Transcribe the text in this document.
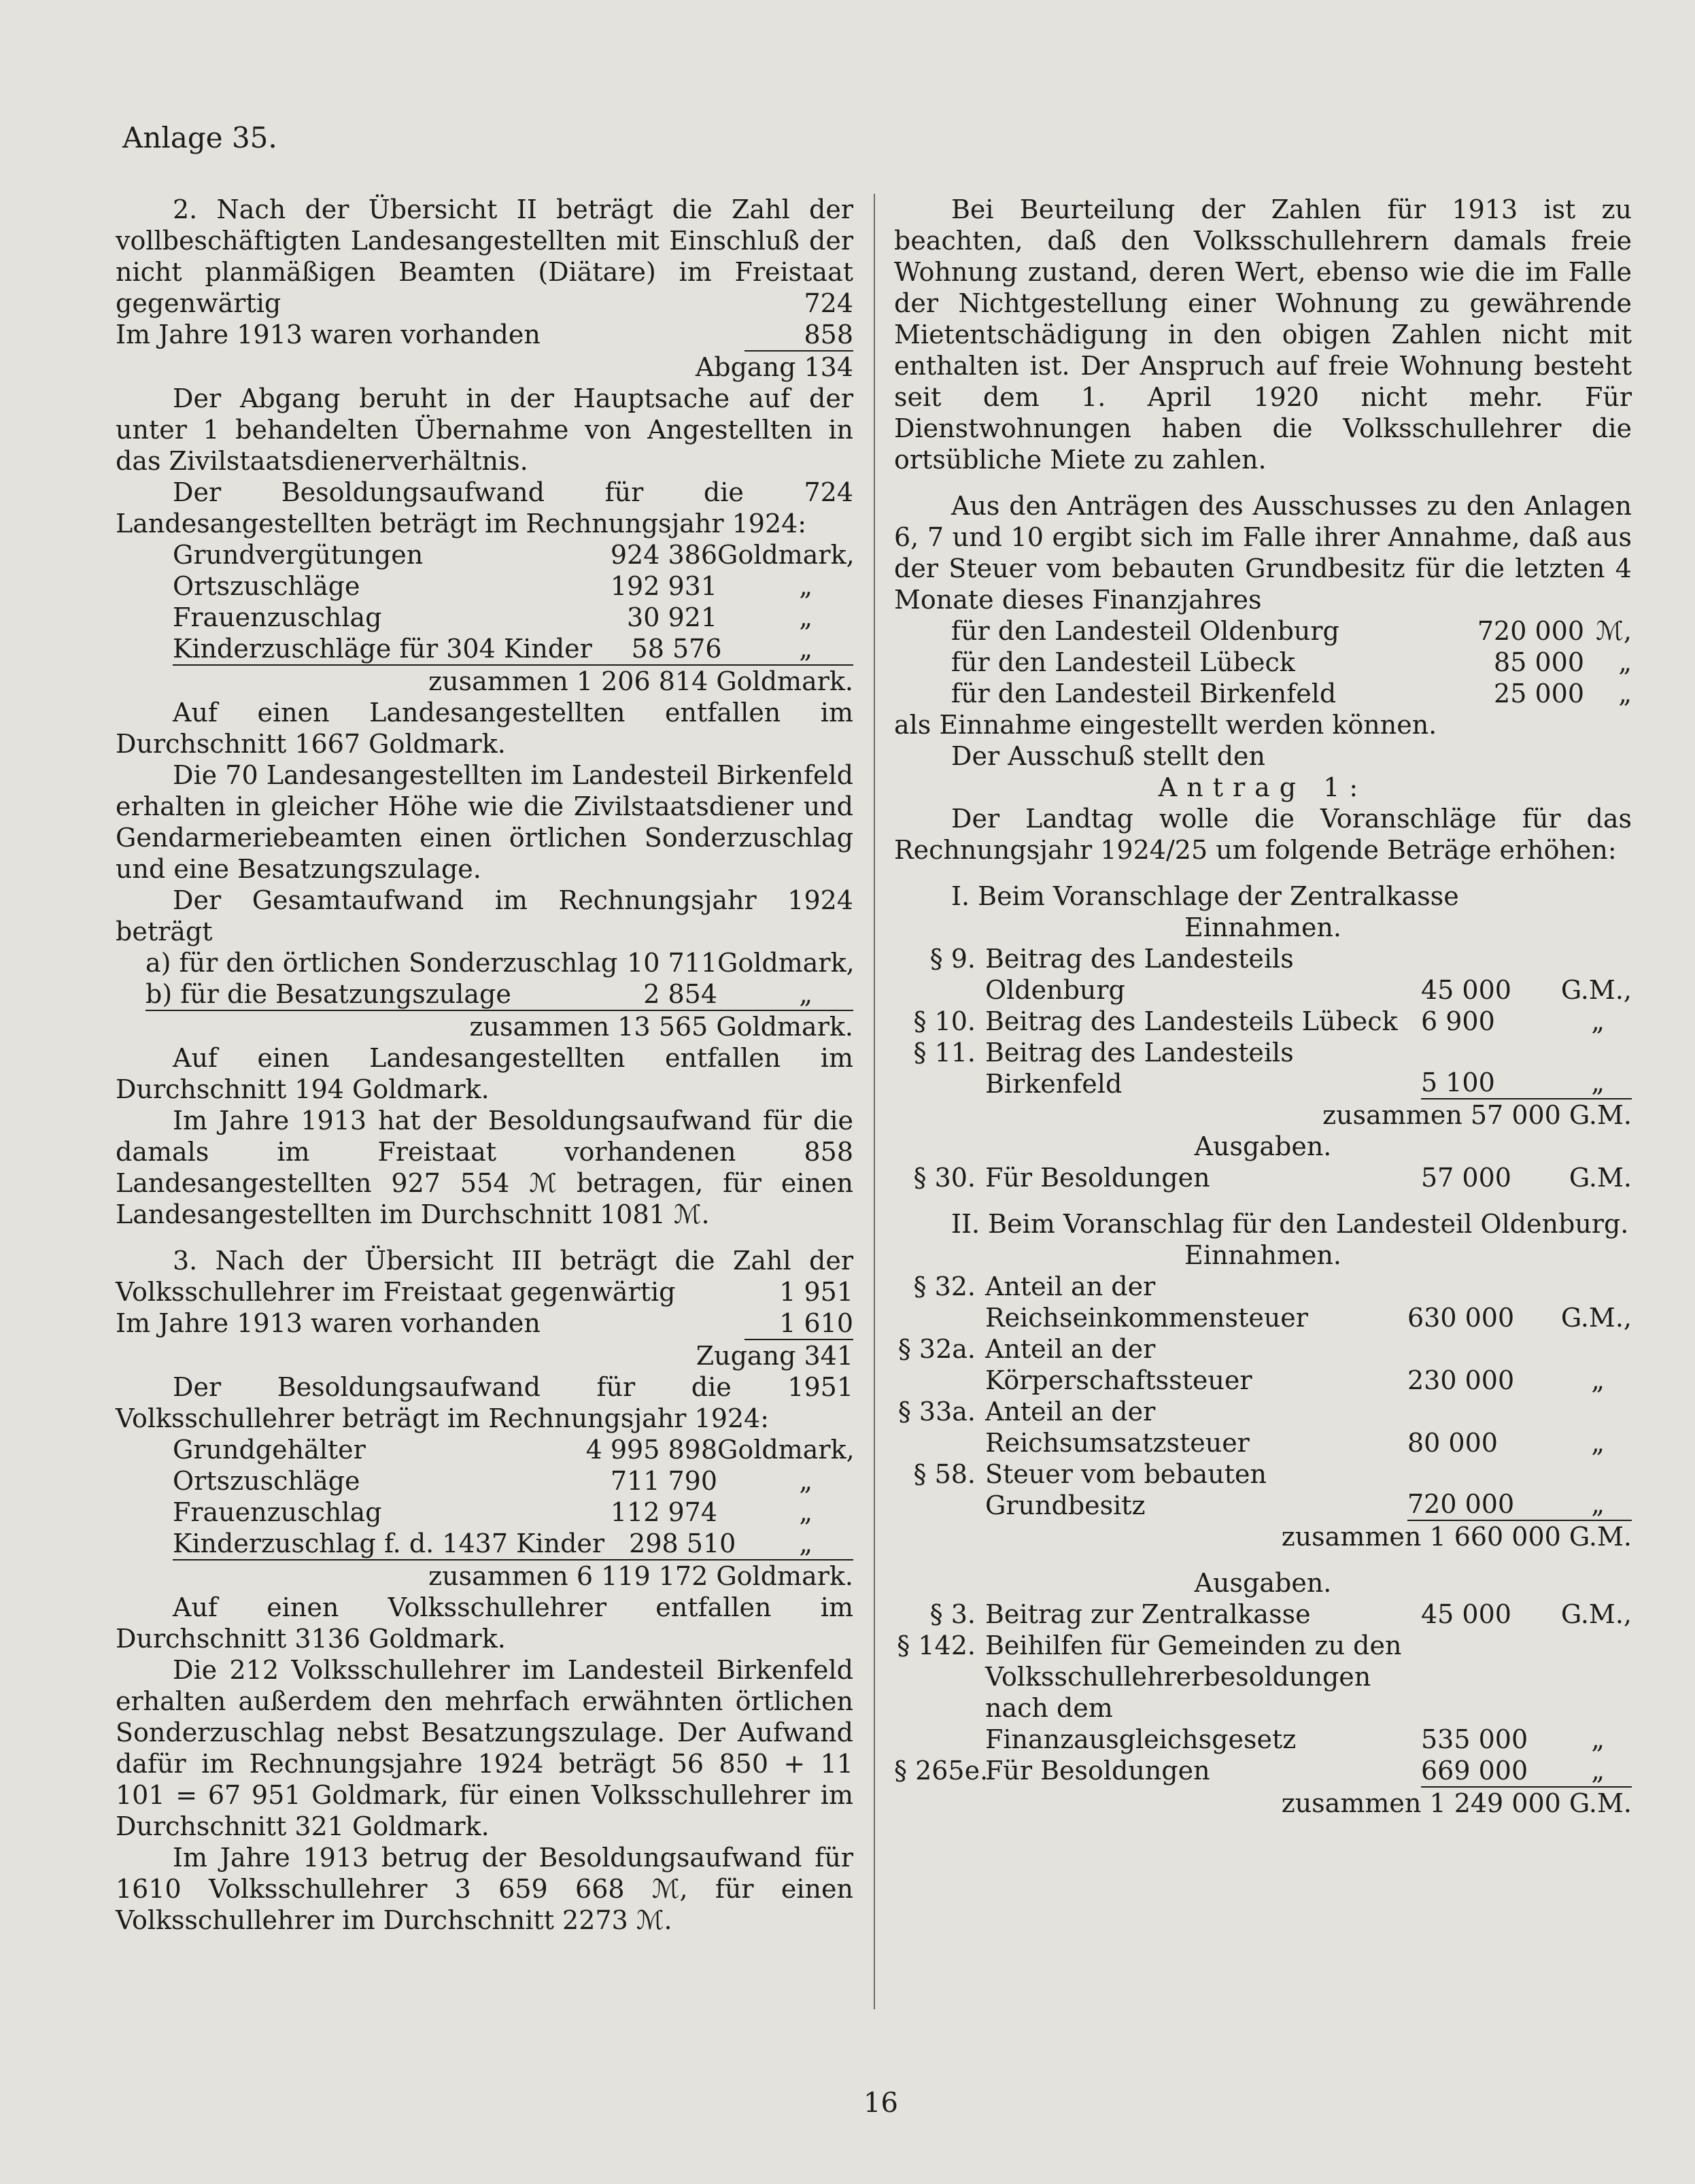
Anlage 35.

2. Nach der Übersicht II beträgt die Zahl der vollbeschäftigten Landesangestellten mit Einschluß der nicht planmäßigen Beamten (Diätare) im Freistaat gegenwärtig	724

Im Jahre 1913 waren vorhanden	858

Abgang 134

Der Abgang beruht in der Hauptsache auf der unter 1 behandelten Übernahme von Angestellten in das Zivilstaatsdienerverhältnis.

Der Besoldungsaufwand für die 724 Landesangestellten beträgt im Rechnungsjahr 1924:

Grundvergütungen	924 386 Goldmark,
Ortszuschläge	192 931	„
Frauenzuschlag	30 921	„
Kinderzuschläge für 304 Kinder	58 576	„

zusammen 1 206 814 Goldmark.

Auf einen Landesangestellten entfallen im Durchschnitt 1667 Goldmark.

Die 70 Landesangestellten im Landesteil Birkenfeld erhalten in gleicher Höhe wie die Zivilstaatsdiener und Gendarmeriebeamten einen örtlichen Sonderzuschlag und eine Besatzungszulage.

Der Gesamtaufwand im Rechnungsjahr 1924 beträgt

a) für den örtlichen Sonderzuschlag 10 711 Goldmark,
b) für die Besatzungszulage	2 854	„

zusammen 13 565 Goldmark.

Auf einen Landesangestellten entfallen im Durchschnitt 194 Goldmark.

Im Jahre 1913 hat der Besoldungsaufwand für die damals im Freistaat vorhandenen 858 Landesangestellten 927 554 ℳ betragen, für einen Landesangestellten im Durchschnitt 1081 ℳ.

3. Nach der Übersicht III beträgt die Zahl der Volksschullehrer im Freistaat gegenwärtig	1 951

Im Jahre 1913 waren vorhanden	1 610

Zugang 341

Der Besoldungsaufwand für die 1951 Volksschullehrer beträgt im Rechnungsjahr 1924:

Grundgehälter	4 995 898 Goldmark,
Ortszuschläge	711 790	„
Frauenzuschlag	112 974	„
Kinderzuschlag f. d. 1437 Kinder 298 510	„

zusammen 6 119 172 Goldmark.

Auf einen Volksschullehrer entfallen im Durchschnitt 3136 Goldmark.

Die 212 Volksschullehrer im Landesteil Birkenfeld erhalten außerdem den mehrfach erwähnten örtlichen Sonderzuschlag nebst Besatzungszulage. Der Aufwand dafür im Rechnungsjahre 1924 beträgt 56 850 + 11 101 = 67 951 Goldmark, für einen Volksschullehrer im Durchschnitt 321 Goldmark.

Im Jahre 1913 betrug der Besoldungsaufwand für 1610 Volksschullehrer 3 659 668 ℳ, für einen Volksschullehrer im Durchschnitt 2273 ℳ.

Bei Beurteilung der Zahlen für 1913 ist zu beachten, daß den Volksschullehrern damals freie Wohnung zustand, deren Wert, ebenso wie die im Falle der Nichtgestellung einer Wohnung zu gewährende Mietentschädigung in den obigen Zahlen nicht mit enthalten ist. Der Anspruch auf freie Wohnung besteht seit dem 1. April 1920 nicht mehr. Für Dienstwohnungen haben die Volksschullehrer die ortsübliche Miete zu zahlen.

Aus den Anträgen des Ausschusses zu den Anlagen 6, 7 und 10 ergibt sich im Falle ihrer Annahme, daß aus der Steuer vom bebauten Grundbesitz für die letzten 4 Monate dieses Finanzjahres

für den Landesteil Oldenburg	720 000 ℳ,
für den Landesteil Lübeck	85 000	„
für den Landesteil Birkenfeld	25 000	„

als Einnahme eingestellt werden können.

Der Ausschuß stellt den

Antrag 1:

Der Landtag wolle die Voranschläge für das Rechnungsjahr 1924/25 um folgende Beträge erhöhen:

I. Beim Voranschlage der Zentralkasse

Einnahmen.

§ 9. Beitrag des Landesteils Oldenburg	45 000	G.M.,
§ 10. Beitrag des Landesteils Lübeck 6 900	„
§ 11. Beitrag des Landesteils Birkenfeld	5 100	„

zusammen 57 000 G.M.

Ausgaben.

§ 30. Für Besoldungen	57 000	G.M.

II. Beim Voranschlag für den Landesteil Oldenburg.

Einnahmen.

§ 32. Anteil an der Reichseinkommensteuer	630 000	G.M.,
§ 32a. Anteil an der Körperschaftssteuer	230 000	„
§ 33a. Anteil an der Reichsumsatzsteuer	80 000	„
§ 58. Steuer vom bebauten Grundbesitz	720 000	„

zusammen 1 660 000 G.M.

Ausgaben.

§ 3. Beitrag zur Zentralkasse	45 000	G.M.,
§ 142. Beihilfen für Gemeinden zu den Volksschullehrerbesoldungen nach dem Finanzausgleichsgesetz	535 000	„
§ 265e.
Für Besoldungen	669 000	„

zusammen 1 249 000 G.M.

16
